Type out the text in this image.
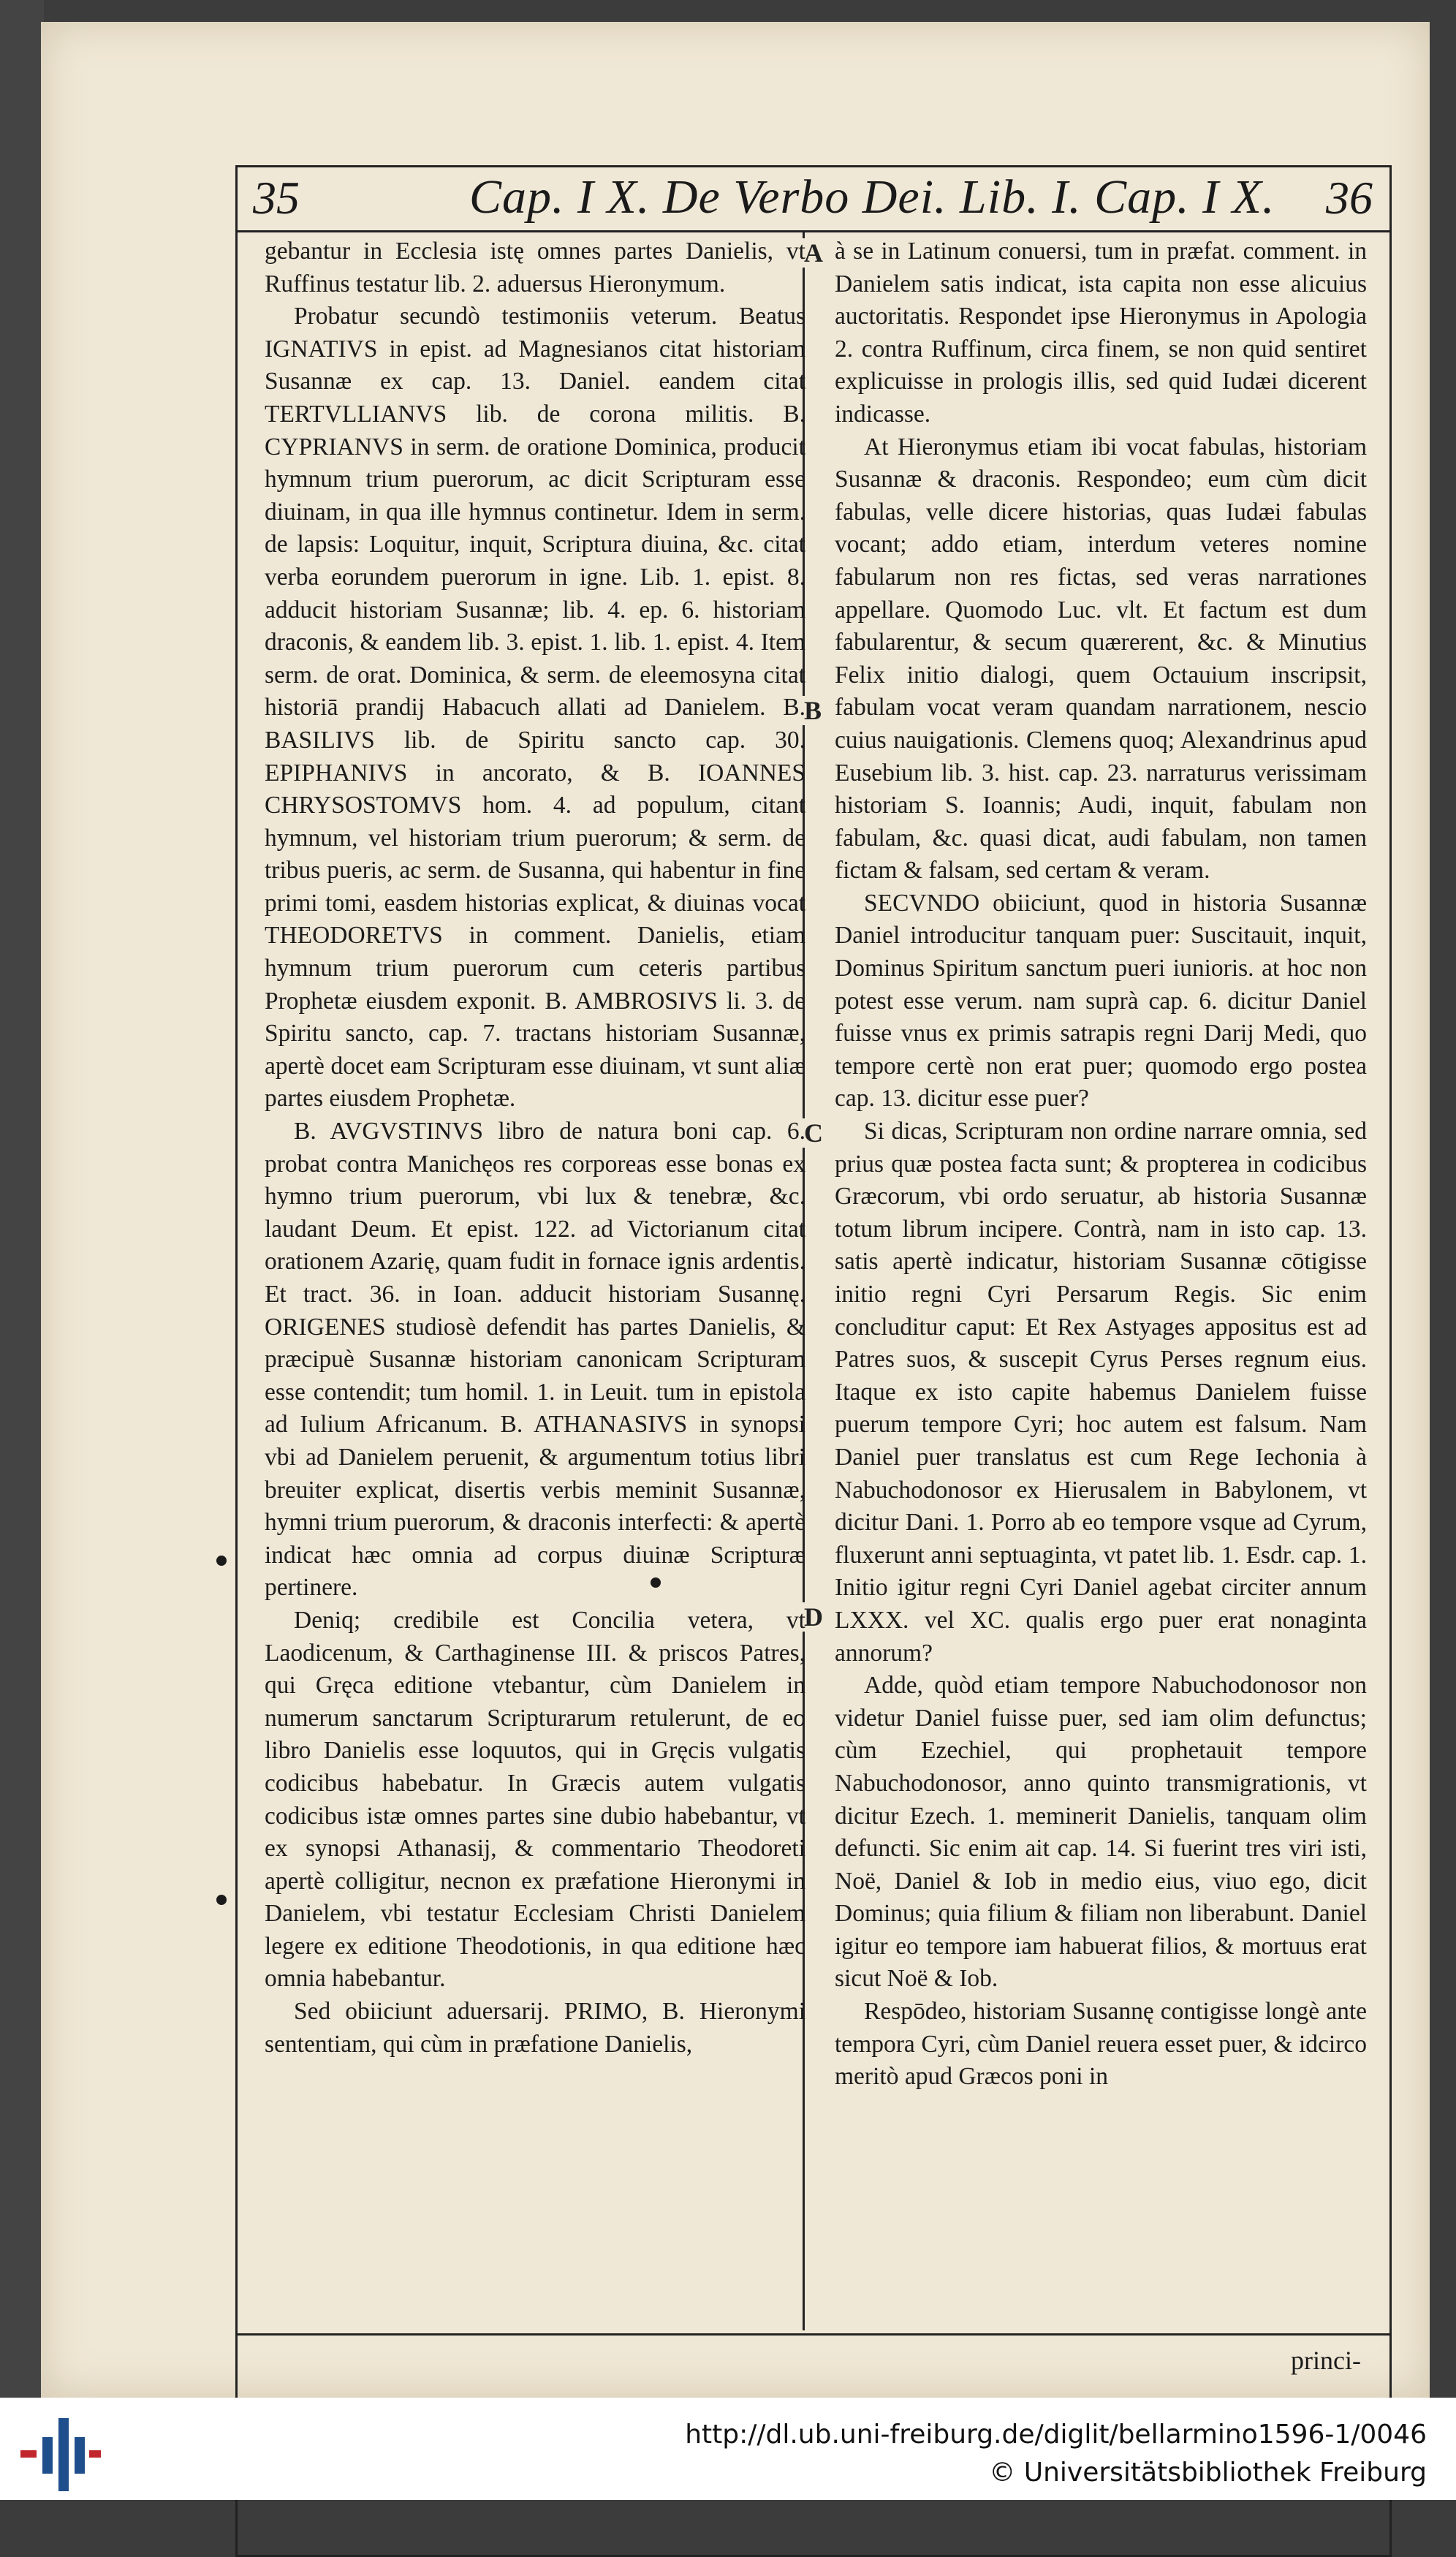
35	Cap. I X. De Verbo Dei. Lib. I. Cap. I X. 36
A
B
C
D

gebantur in Ecclesia istę omnes partes Danielis, vt Ruffinus testatur lib. 2. aduersus Hieronymum.

Probatur secundò testimoniis veterum. Beatus IGNATIVS in epist. ad Magnesianos citat historiam Susannæ ex cap. 13. Daniel. eandem citat TERTVLLIANVS lib. de corona militis. B. CYPRIANVS in serm. de oratione Dominica, producit hymnum trium puerorum, ac dicit Scripturam esse diuinam, in qua ille hymnus continetur. Idem in serm. de lapsis: Loquitur, inquit, Scriptura diuina, &c. citat verba eorundem puerorum in igne. Lib. 1. epist. 8. adducit historiam Susannæ; lib. 4. ep. 6. historiam draconis, & eandem lib. 3. epist. 1. lib. 1. epist. 4. Item serm. de orat. Dominica, & serm. de eleemosyna citat historiā prandij Habacuch allati ad Danielem. B. BASILIVS lib. de Spiritu sancto cap. 30. EPIPHANIVS in ancorato, & B. IOANNES CHRYSOSTOMVS hom. 4. ad populum, citant hymnum, vel historiam trium puerorum; & serm. de tribus pueris, ac serm. de Susanna, qui habentur in fine primi tomi, easdem historias explicat, & diuinas vocat THEODORETVS in comment. Danielis, etiam hymnum trium puerorum cum ceteris partibus Prophetæ eiusdem exponit. B. AMBROSIVS li. 3. de Spiritu sancto, cap. 7. tractans historiam Susannæ, apertè docet eam Scripturam esse diuinam, vt sunt aliæ partes eiusdem Prophetæ.

B. AVGVSTINVS libro de natura boni cap. 6. probat contra Manichęos res corporeas esse bonas ex hymno trium puerorum, vbi lux & tenebræ, &c. laudant Deum. Et epist. 122. ad Victorianum citat orationem Azarię, quam fudit in fornace ignis ardentis. Et tract. 36. in Ioan. adducit historiam Susannę. ORIGENES studiosè defendit has partes Danielis, & præcipuè Susannæ historiam canonicam Scripturam esse contendit; tum homil. 1. in Leuit. tum in epistola ad Iulium Africanum. B. ATHANASIVS in synopsi vbi ad Danielem peruenit, & argumentum totius libri breuiter explicat, disertis verbis meminit Susannæ, hymni trium puerorum, & draconis interfecti: & apertè indicat hæc omnia ad corpus diuinæ Scripturæ pertinere.

Deniq; credibile est Concilia vetera, vt Laodicenum, & Carthaginense III. & priscos Patres, qui Gręca editione vtebantur, cùm Danielem in numerum sanctarum Scripturarum retulerunt, de eo libro Danielis esse loquutos, qui in Gręcis vulgatis codicibus habebatur. In Græcis autem vulgatis codicibus istæ omnes partes sine dubio habebantur, vt ex synopsi Athanasij, & commentario Theodoreti apertè colligitur, necnon ex præfatione Hieronymi in Danielem, vbi testatur Ecclesiam Christi Danielem legere ex editione Theodotionis, in qua editione hæc omnia habebantur.

Sed obiiciunt aduersarij. PRIMO, B. Hieronymi sententiam, qui cùm in præfatione Danielis,

à se in Latinum conuersi, tum in præfat. comment. in Danielem satis indicat, ista capita non esse alicuius auctoritatis. Respondet ipse Hieronymus in Apologia 2. contra Ruffinum, circa finem, se non quid sentiret explicuisse in prologis illis, sed quid Iudæi dicerent indicasse.

At Hieronymus etiam ibi vocat fabulas, historiam Susannæ & draconis. Respondeo; eum cùm dicit fabulas, velle dicere historias, quas Iudæi fabulas vocant; addo etiam, interdum veteres nomine fabularum non res fictas, sed veras narrationes appellare. Quomodo Luc. vlt. Et factum est dum fabularentur, & secum quærerent, &c. & Minutius Felix initio dialogi, quem Octauium inscripsit, fabulam vocat veram quandam narrationem, nescio cuius nauigationis. Clemens quoq; Alexandrinus apud Eusebium lib. 3. hist. cap. 23. narraturus verissimam historiam S. Ioannis; Audi, inquit, fabulam non fabulam, &c. quasi dicat, audi fabulam, non tamen fictam & falsam, sed certam & veram.

SECVNDO obiiciunt, quod in historia Susannæ Daniel introducitur tanquam puer: Suscitauit, inquit, Dominus Spiritum sanctum pueri iunioris. at hoc non potest esse verum. nam suprà cap. 6. dicitur Daniel fuisse vnus ex primis satrapis regni Darij Medi, quo tempore certè non erat puer; quomodo ergo postea cap. 13. dicitur esse puer?

Si dicas, Scripturam non ordine narrare omnia, sed prius quæ postea facta sunt; & propterea in codicibus Græcorum, vbi ordo seruatur, ab historia Susannæ totum librum incipere. Contrà, nam in isto cap. 13. satis apertè indicatur, historiam Susannæ cōtigisse initio regni Cyri Persarum Regis. Sic enim concluditur caput: Et Rex Astyages appositus est ad Patres suos, & suscepit Cyrus Perses regnum eius. Itaque ex isto capite habemus Danielem fuisse puerum tempore Cyri; hoc autem est falsum. Nam Daniel puer translatus est cum Rege Iechonia à Nabuchodonosor ex Hierusalem in Babylonem, vt dicitur Dani. 1. Porro ab eo tempore vsque ad Cyrum, fluxerunt anni septuaginta, vt patet lib. 1. Esdr. cap. 1. Initio igitur regni Cyri Daniel agebat circiter annum LXXX. vel XC. qualis ergo puer erat nonaginta annorum?

Adde, quòd etiam tempore Nabuchodonosor non videtur Daniel fuisse puer, sed iam olim defunctus; cùm Ezechiel, qui prophetauit tempore Nabuchodonosor, anno quinto transmigrationis, vt dicitur Ezech. 1. meminerit Danielis, tanquam olim defuncti. Sic enim ait cap. 14. Si fuerint tres viri isti, Noë, Daniel & Iob in medio eius, viuo ego, dicit Dominus; quia filium & filiam non liberabunt. Daniel igitur eo tempore iam habuerat filios, & mortuus erat sicut Noë & Iob.

Respōdeo, historiam Susannę contigisse longè ante tempora Cyri, cùm Daniel reuera esset puer, & idcirco meritò apud Græcos poni in

princi-
http://dl.ub.uni-freiburg.de/diglit/bellarmino1596-1/0046
© Universitätsbibliothek Freiburg
